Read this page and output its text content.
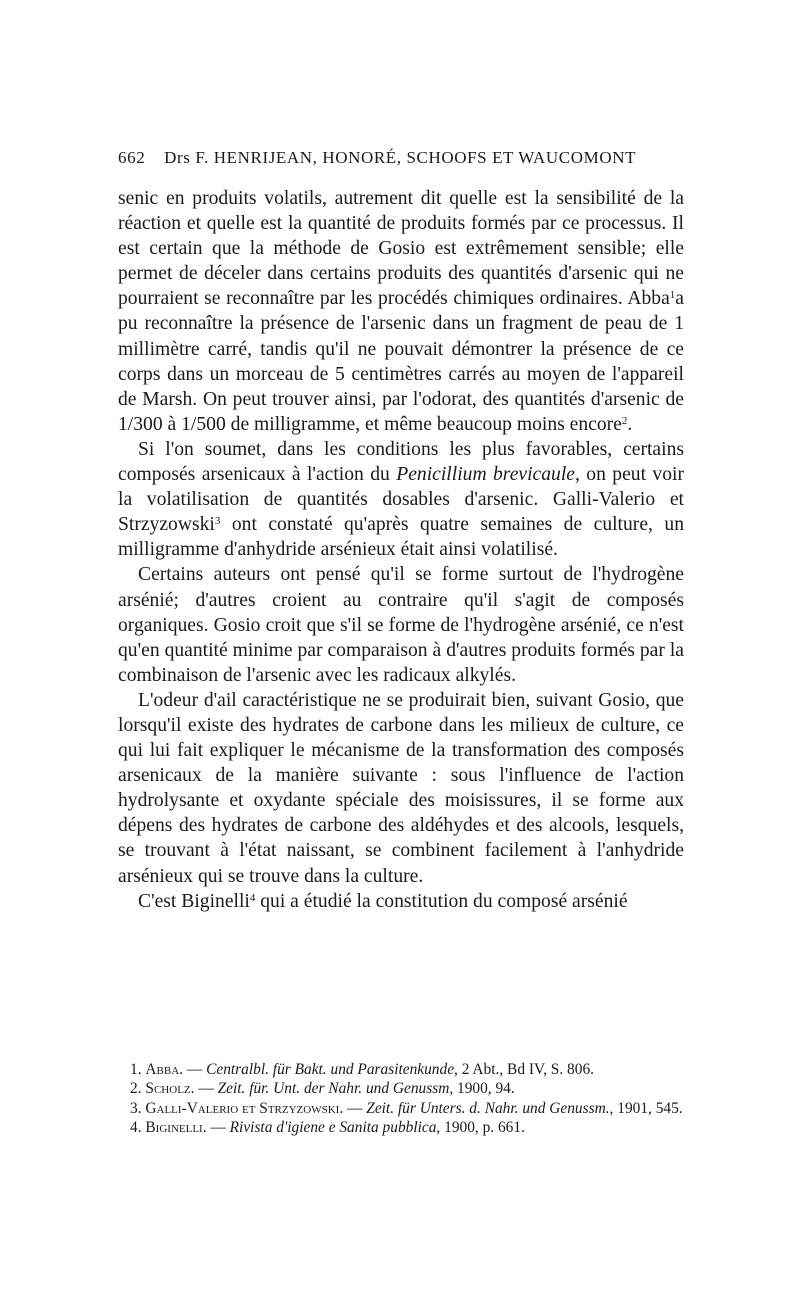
662 Drs F. HENRIJEAN, HONORÉ, SCHOOFS ET WAUCOMONT

senic en produits volatils, autrement dit quelle est la sensibilité de la réaction et quelle est la quantité de produits formés par ce processus. Il est certain que la méthode de Gosio est extrêmement sensible; elle permet de déceler dans certains produits des quantités d'arsenic qui ne pourraient se reconnaître par les procédés chimiques ordinaires. Abba$^1$a pu reconnaître la présence de l'arsenic dans un fragment de peau de 1 millimètre carré, tandis qu'il ne pouvait démontrer la présence de ce corps dans un morceau de 5 centimètres carrés au moyen de l'appareil de Marsh. On peut trouver ainsi, par l'odorat, des quantités d'arsenic de 1/300 à 1/500 de milligramme, et même beaucoup moins encore$^2$.

Si l'on soumet, dans les conditions les plus favorables, certains composés arsenicaux à l'action du Penicillium brevicaule, on peut voir la volatilisation de quantités dosables d'arsenic. Galli-Valerio et Strzyzowski$^3$ ont constaté qu'après quatre semaines de culture, un milligramme d'anhydride arsénieux était ainsi volatilisé.

Certains auteurs ont pensé qu'il se forme surtout de l'hydrogène arsénié; d'autres croient au contraire qu'il s'agit de composés organiques. Gosio croit que s'il se forme de l'hydrogène arsénié, ce n'est qu'en quantité minime par comparaison à d'autres produits formés par la combinaison de l'arsenic avec les radicaux alkylés.

L'odeur d'ail caractéristique ne se produirait bien, suivant Gosio, que lorsqu'il existe des hydrates de carbone dans les milieux de culture, ce qui lui fait expliquer le mécanisme de la transformation des composés arsenicaux de la manière suivante : sous l'influence de l'action hydrolysante et oxydante spéciale des moisissures, il se forme aux dépens des hydrates de carbone des aldéhydes et des alcools, lesquels, se trouvant à l'état naissant, se combinent facilement à l'anhydride arsénieux qui se trouve dans la culture.

C'est Biginelli$^4$ qui a étudié la constitution du composé arsénié

1. Abba. — Centralbl. für Bakt. und Parasitenkunde, 2 Abt., Bd IV, S. 806.

2. Scholz. — Zeit. für. Unt. der Nahr. und Genussm, 1900, 94.

3. Galli-Valerio et Strzyzowski. — Zeit. für Unters. d. Nahr. und Genussm., 1901, 545.

4. Biginelli. — Rivista d'igiene e Sanita pubblica, 1900, p. 661.
